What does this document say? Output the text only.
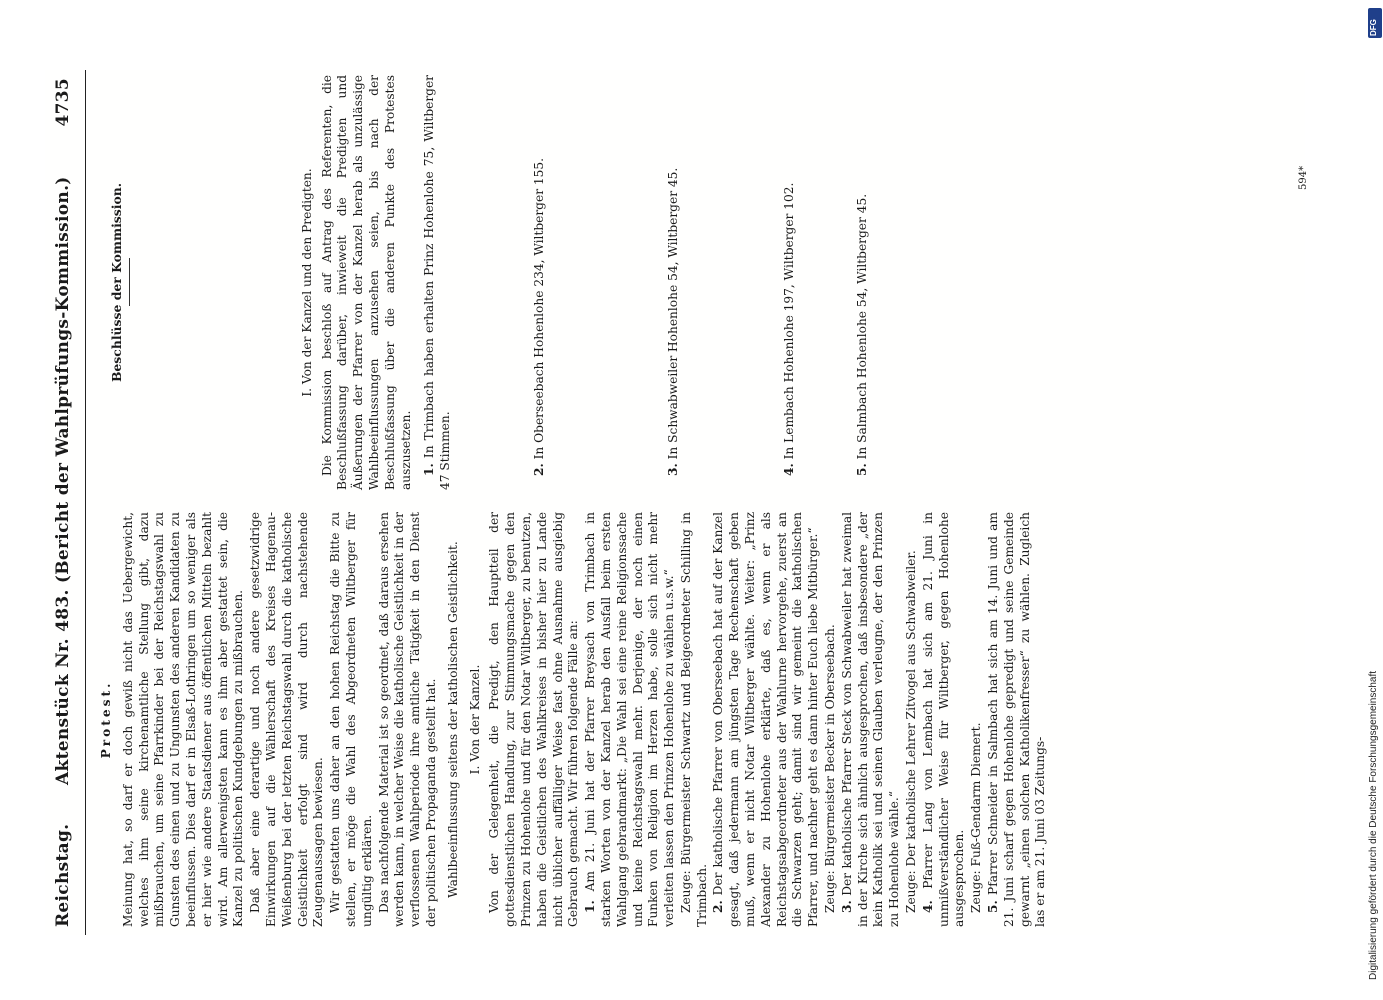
Reichstag.
Aktenstück Nr. 483. (Bericht der Wahlprüfungs-Kommission.)
4735

Protest. Meinung hat, so darf er doch gewiß nicht das Uebergewicht, welches ihm seine kirchenamtliche Stellung gibt, dazu mißbrauchen, um seine Pfarrkinder bei der Reichstagswahl zu Gunsten des einen und zu Ungunsten des anderen Kandidaten zu beeinflussen. Dies darf er in Elsaß-Lothringen um so weniger als er hier wie andere Staatsdiener aus öffentlichen Mitteln bezahlt wird. Am allerwenigsten kann es ihm aber gestattet sein, die Kanzel zu politischen Kundgebungen zu mißbrauchen. Daß aber eine derartige und noch andere gesetzwidrige Einwirkungen auf die Wählerschaft des Kreises Hagenau-Weißenburg bei der letzten Reichstagswahl durch die katholische Geistlichkeit erfolgt sind wird durch nachstehende Zeugenaussagen bewiesen. Wir gestatten uns daher an den hohen Reichstag die Bitte zu stellen, er möge die Wahl des Abgeordneten Wiltberger für ungültig erklären. Das nachfolgende Material ist so geordnet, daß daraus ersehen werden kann, in welcher Weise die katholische Geistlichkeit in der verflossenen Wahlperiode ihre amtliche Tätigkeit in den Dienst der politischen Propaganda gestellt hat. Wahlbeeinflussung seitens der katholischen Geistlichkeit. I. Von der Kanzel. Von der Gelegenheit, die Predigt, den Hauptteil der gottesdienstlichen Handlung, zur Stimmungsmache gegen den Prinzen zu Hohenlohe und für den Notar Wiltberger, zu benutzen, haben die Geistlichen des Wahlkreises in bisher hier zu Lande nicht üblicher auffälliger Weise fast ohne Ausnahme ausgiebig Gebrauch gemacht. Wir führen folgende Fälle an: 1. Am 21. Juni hat der Pfarrer Breysach von Trimbach in starken Worten von der Kanzel herab den Ausfall beim ersten Wahlgang gebrandmarkt: „Die Wahl sei eine reine Religionssache und keine Reichstagswahl mehr. Derjenige, der noch einen Funken von Religion im Herzen habe, solle sich nicht mehr verleiten lassen den Prinzen Hohenlohe zu wählen u.s.w.“ Zeuge: Bürgermeister Schwartz und Beigeordneter Schilling in Trimbach. 2. Der katholische Pfarrer von Oberseebach hat auf der Kanzel gesagt, daß jedermann am jüngsten Tage Rechenschaft geben muß, wenn er nicht Notar Wiltberger wählte. Weiter: „Prinz Alexander zu Hohenlohe erklärte, daß es, wenn er als Reichstagsabgeordneter aus der Wahlurne hervorgehe, zuerst an die Schwarzen geht; damit sind wir gemeint die katholischen Pfarrer, und nachher geht es dann hinter Euch liebe Mitbürger.“ Zeuge: Bürgermeister Becker in Oberseebach. 3. Der katholische Pfarrer Steck von Schwabweiler hat zweimal in der Kirche sich ähnlich ausgesprochen, daß insbesondere „der kein Katholik sei und seinen Glauben verleugne, der den Prinzen zu Hohenlohe wähle.“ Zeuge: Der katholische Lehrer Zitvogel aus Schwabweiler. 4. Pfarrer Lang von Lembach hat sich am 21. Juni in unmißverständlicher Weise für Wiltberger, gegen Hohenlohe ausgesprochen. Zeuge: Fuß-Gendarm Diemert. 5. Pfarrer Schneider in Salmbach hat sich am 14. Juni und am 21. Juni scharf gegen Hohenlohe gepredigt und seine Gemeinde gewarnt „einen solchen Katholikenfresser“ zu wählen. Zugleich las er am 21. Juni 03 Zeitungs-

Beschlüsse der Kommission.	I. Von der Kanzel und den Predigten. Die Kommission beschloß auf Antrag des Referenten, die Beschlußfassung darüber, inwieweit die Predigten und Äußerungen der Pfarrer von der Kanzel herab als unzulässige Wahlbeeinflussungen anzusehen seien, bis nach der Beschlußfassung über die anderen Punkte des Protestes auszusetzen. 1. In Trimbach haben erhalten Prinz Hohenlohe 75, Wiltberger 47 Stimmen.	2. In Oberseebach Hohenlohe 234, Wiltberger 155.

3. In Schwabweiler Hohenlohe 54, Wiltberger 45.

4. In Lembach Hohenlohe 197, Wiltberger 102.

5. In Salmbach Hohenlohe 54, Wiltberger 45.

594*
DFG
Digitalisierung gefördert durch die Deutsche Forschungsgemeinschaft
